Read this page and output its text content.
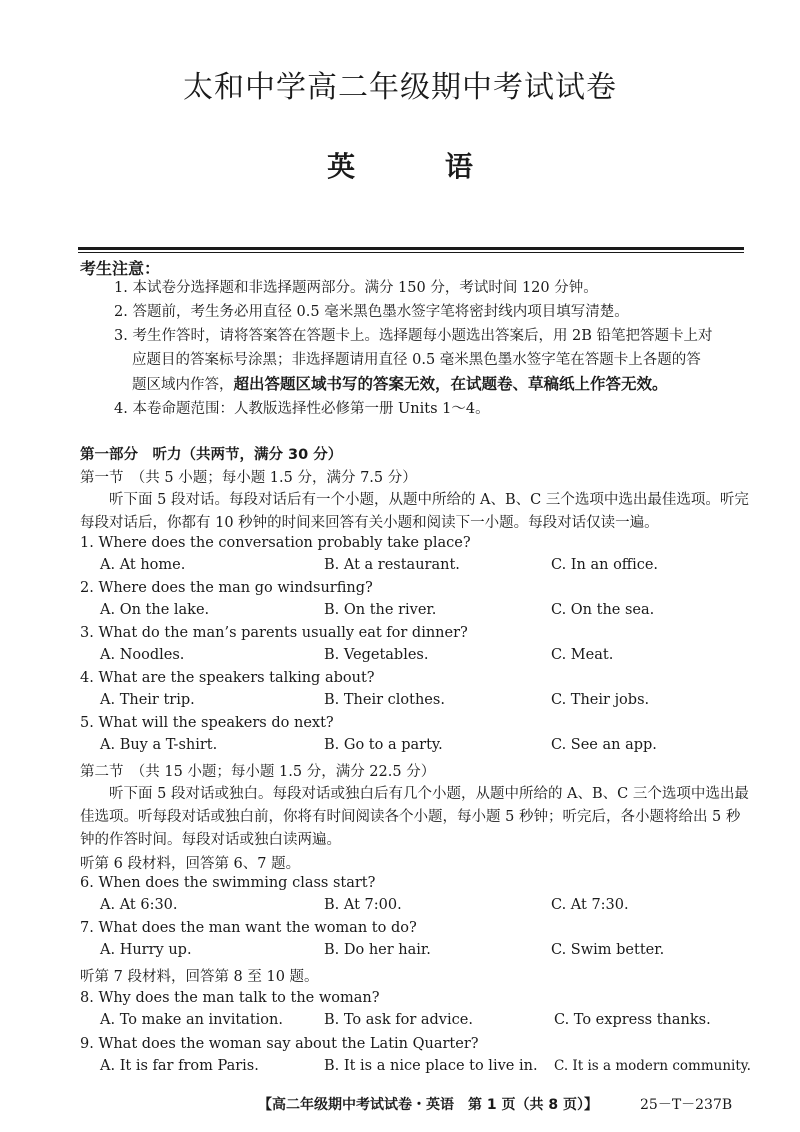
太和中学高二年级期中考试试卷
英 语
考生注意：
1. 本试卷分选择题和非选择题两部分。满分 150 分，考试时间 120 分钟。
2. 答题前，考生务必用直径 0.5 毫米黑色墨水签字笔将密封线内项目填写清楚。
3. 考生作答时，请将答案答在答题卡上。选择题每小题选出答案后，用 2B 铅笔把答题卡上对
应题目的答案标号涂黑；非选择题请用直径 0.5 毫米黑色墨水签字笔在答题卡上各题的答
题区域内作答，超出答题区域书写的答案无效，在试题卷、草稿纸上作答无效。
4. 本卷命题范围：人教版选择性必修第一册 Units 1～4。
第一部分　听力（共两节，满分 30 分）
第一节　（共 5 小题；每小题 1.5 分，满分 7.5 分）
听下面 5 段对话。每段对话后有一个小题，从题中所给的 A、B、C 三个选项中选出最佳选项。听完每段对话后，你都有 10 秒钟的时间来回答有关小题和阅读下一小题。每段对话仅读一遍。
1. Where does the conversation probably take place?
A. At home.	B. At a restaurant.	C. In an office.
2. Where does the man go windsurfing?
A. On the lake.	B. On the river.	C. On the sea.
3. What do the man’s parents usually eat for dinner?
A. Noodles.	B. Vegetables.	C. Meat.
4. What are the speakers talking about?
A. Their trip.	B. Their clothes.	C. Their jobs.
5. What will the speakers do next?
A. Buy a T-shirt.	B. Go to a party.	C. See an app.
第二节　（共 15 小题；每小题 1.5 分，满分 22.5 分）
听下面 5 段对话或独白。每段对话或独白后有几个小题，从题中所给的 A、B、C 三个选项中选出最佳选项。听每段对话或独白前，你将有时间阅读各个小题，每小题 5 秒钟；听完后，各小题将给出 5 秒钟的作答时间。每段对话或独白读两遍。
听第 6 段材料，回答第 6、7 题。
6. When does the swimming class start?
A. At 6:30.	B. At 7:00.	C. At 7:30.
7. What does the man want the woman to do?
A. Hurry up.	B. Do her hair.	C. Swim better.
听第 7 段材料，回答第 8 至 10 题。
8. Why does the man talk to the woman?
A. To make an invitation.	B. To ask for advice.	C. To express thanks.
9. What does the woman say about the Latin Quarter?
A. It is far from Paris.	B. It is a nice place to live in. C. It is a modern community.
【高二年级期中考试试卷・英语　第 1 页（共 8 页）】	25－T－237B
